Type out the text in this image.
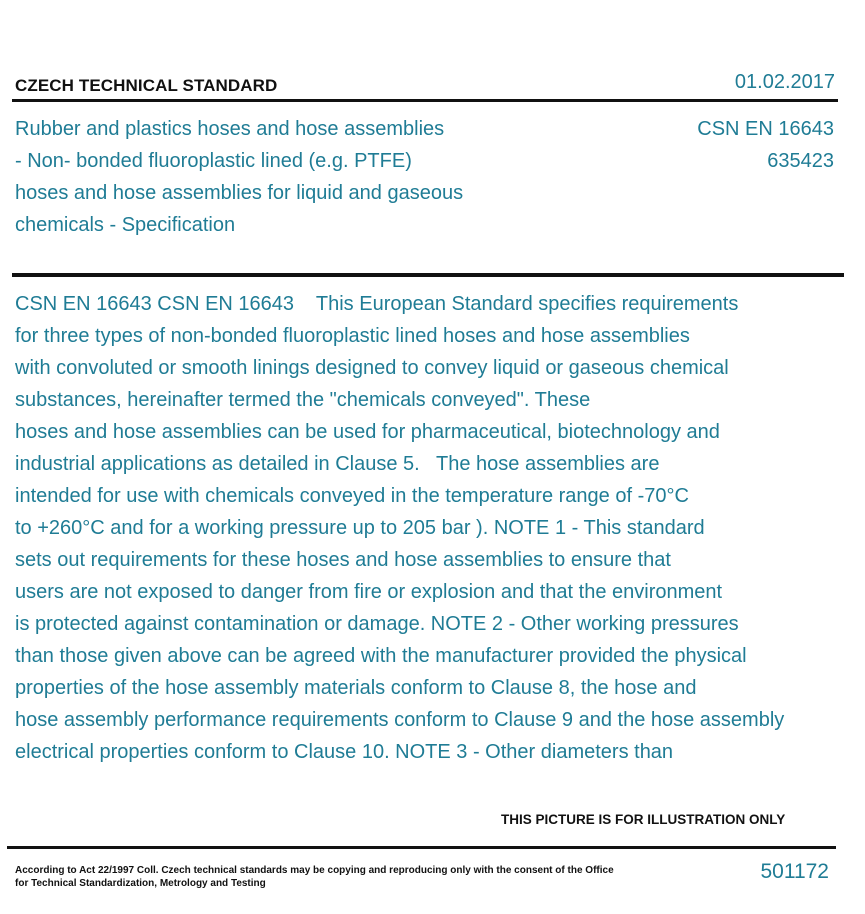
CZECH TECHNICAL STANDARD	01.02.2017
Rubber and plastics hoses and hose assemblies
- Non- bonded fluoroplastic lined (e.g. PTFE)
hoses and hose assemblies for liquid and gaseous
chemicals - Specification
CSN EN 16643
635423
CSN EN 16643 CSN EN 16643    This European Standard specifies requirements
for three types of non-bonded fluoroplastic lined hoses and hose assemblies
with convoluted or smooth linings designed to convey liquid or gaseous chemical
substances, hereinafter termed the "chemicals conveyed". These
hoses and hose assemblies can be used for pharmaceutical, biotechnology and
industrial applications as detailed in Clause 5.   The hose assemblies are
intended for use with chemicals conveyed in the temperature range of -70°C
to +260°C and for a working pressure up to 205 bar ). NOTE 1 - This standard
sets out requirements for these hoses and hose assemblies to ensure that
users are not exposed to danger from fire or explosion and that the environment
is protected against contamination or damage. NOTE 2 - Other working pressures
than those given above can be agreed with the manufacturer provided the physical
properties of the hose assembly materials conform to Clause 8, the hose and
hose assembly performance requirements conform to Clause 9 and the hose assembly
electrical properties conform to Clause 10. NOTE 3 - Other diameters than
THIS PICTURE IS FOR ILLUSTRATION ONLY
According to Act 22/1997 Coll. Czech technical standards may be copying and reproducing only with the consent of the Office
for Technical Standardization, Metrology and Testing
501172
